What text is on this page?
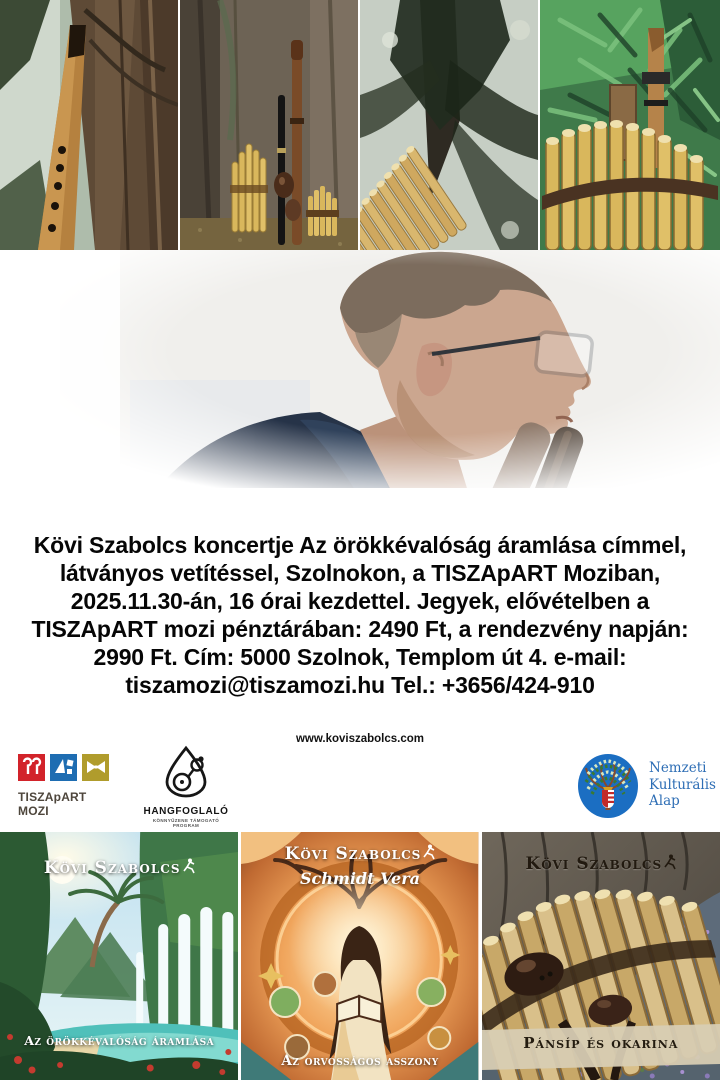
Kövi Szabolcs koncertje Az örökkévalóság áramlása címmel,
látványos vetítéssel, Szolnokon, a TISZApART Moziban,
2025.11.30-án, 16 órai kezdettel. Jegyek, elővételben a
TISZApART mozi pénztárában: 2490 Ft, a rendezvény napján:
2990 Ft. Cím: 5000 Szolnok, Templom út 4. e-mail:
tiszamozi@tiszamozi.hu Tel.: +3656/424-910
www.koviszabolcs.com
TISZApART MOZI	HANGFOGLALÓ
KÖNNYŰZENE TÁMOGATÓ PROGRAM
Nemzeti
Kulturális
Alap
Kövi Szabolcs
Az örökkévalóság áramlása
Kövi Szabolcs
Schmidt Vera
Az orvosságos asszony
Kövi Szabolcs
Pánsíp és okarina
